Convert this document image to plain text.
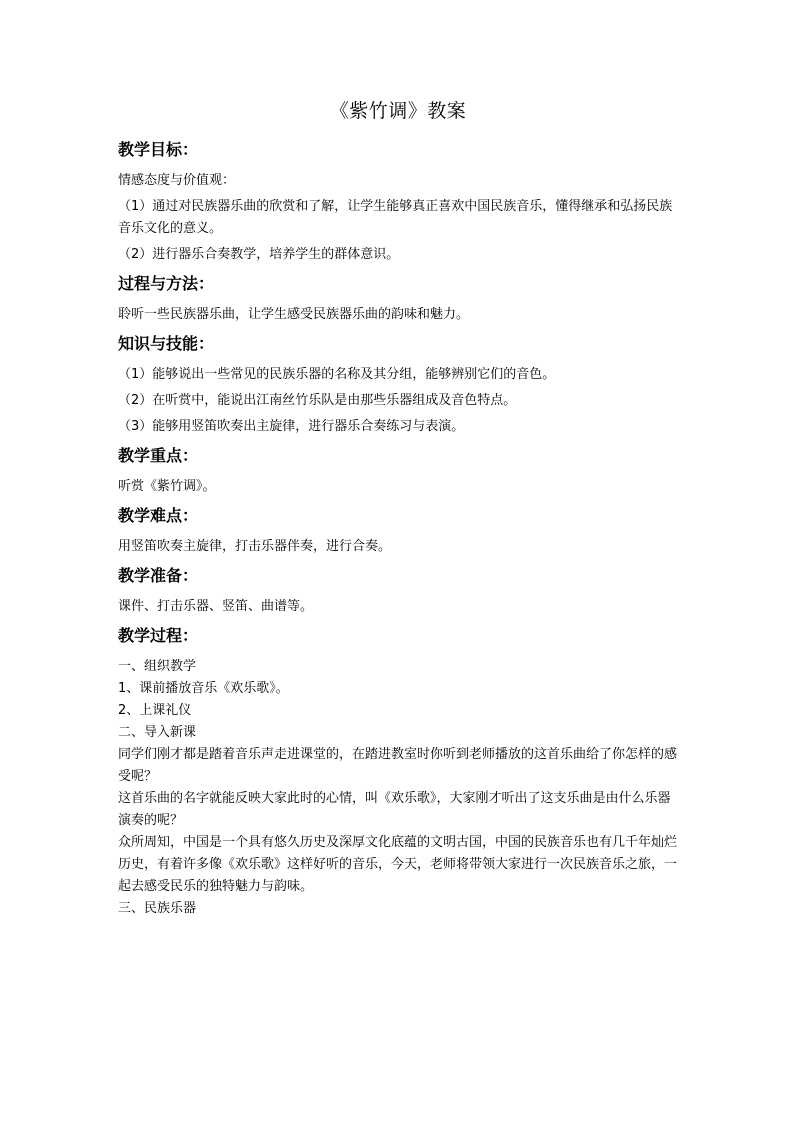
《紫竹调》教案
教学目标：
情感态度与价值观：
（1）通过对民族器乐曲的欣赏和了解，让学生能够真正喜欢中国民族音乐，懂得继承和弘扬民族音乐文化的意义。
（2）进行器乐合奏教学，培养学生的群体意识。
过程与方法：
聆听一些民族器乐曲，让学生感受民族器乐曲的韵味和魅力。
知识与技能：
（1）能够说出一些常见的民族乐器的名称及其分组，能够辨别它们的音色。
（2）在听赏中，能说出江南丝竹乐队是由那些乐器组成及音色特点。
（3）能够用竖笛吹奏出主旋律，进行器乐合奏练习与表演。
教学重点：
听赏《紫竹调》。
教学难点：
用竖笛吹奏主旋律，打击乐器伴奏，进行合奏。
教学准备：
课件、打击乐器、竖笛、曲谱等。
教学过程：
一、组织教学
1、课前播放音乐《欢乐歌》。
2、上课礼仪
二、导入新课
同学们刚才都是踏着音乐声走进课堂的，在踏进教室时你听到老师播放的这首乐曲给了你怎样的感受呢？
这首乐曲的名字就能反映大家此时的心情，叫《欢乐歌》，大家刚才听出了这支乐曲是由什么乐器演奏的呢？
众所周知，中国是一个具有悠久历史及深厚文化底蕴的文明古国，中国的民族音乐也有几千年灿烂历史，有着许多像《欢乐歌》这样好听的音乐，今天，老师将带领大家进行一次民族音乐之旅，一起去感受民乐的独特魅力与韵味。
三、民族乐器
